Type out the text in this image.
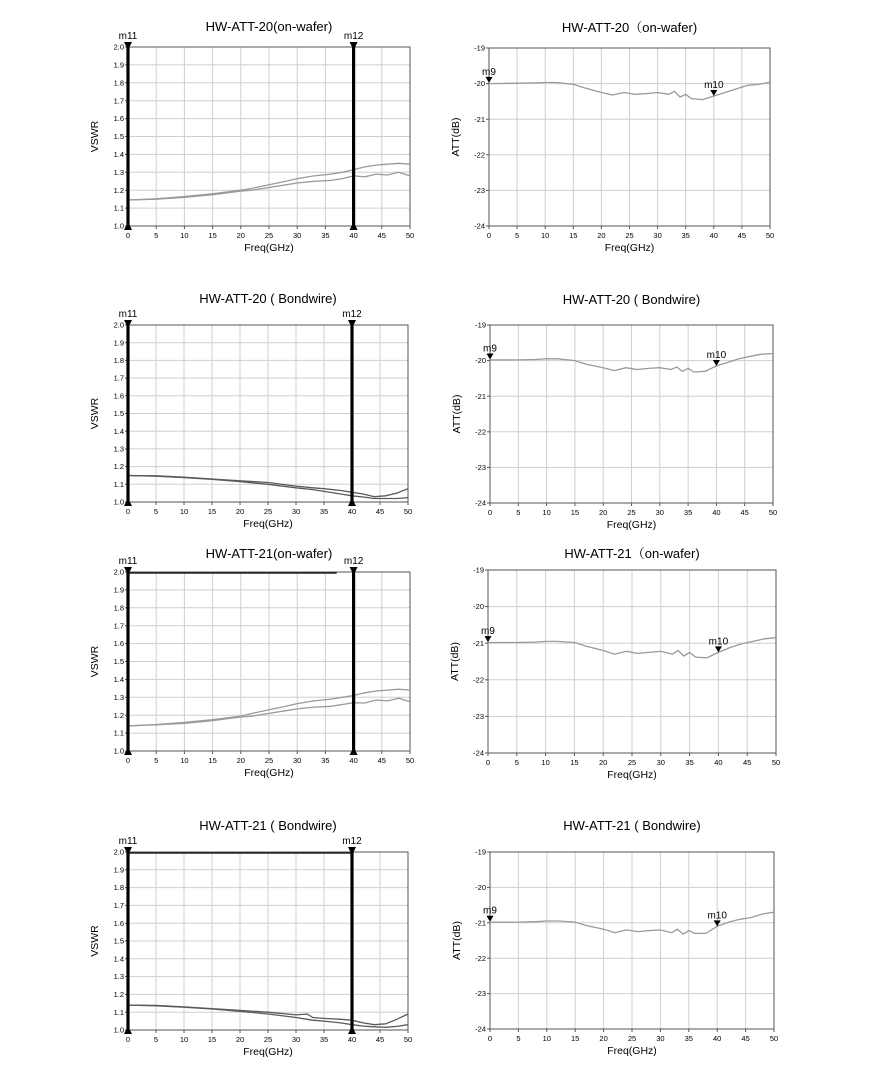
0	5	10	15	20	25	30	35	40	45	50
1.0
1.1
1.2
1.3
1.4
1.5
1.6
1.7
1.8
1.9
2.0
HW-ATT-20(on-wafer)
Freq(GHz)
VSWR
m11	m12
0	5	10	15	20	25	30	35	40	45	50
-24
-23
-22
-21
-20
-19
HW-ATT-20（on-wafer)
Freq(GHz)
ATT(dB)
m9
m10
0	5	10	15	20	25	30	35	40	45	50
1.0
1.1
1.2
1.3
1.4
1.5
1.6
1.7
1.8
1.9
2.0
HW-ATT-20 ( Bondwire)
Freq(GHz)
VSWR
m11	m12
0	5	10	15	20	25	30	35	40	45	50
-24
-23
-22
-21
-20
-19
HW-ATT-20 ( Bondwire)
Freq(GHz)
ATT(dB)
m9
m10
0	5	10	15	20	25	30	35	40	45	50
1.0
1.1
1.2
1.3
1.4
1.5
1.6
1.7
1.8
1.9
2.0
HW-ATT-21(on-wafer)
Freq(GHz)
VSWR
m11	m12
0	5	10	15	20	25	30	35	40	45	50
-24
-23
-22
-21
-20
-19
HW-ATT-21（on-wafer)
Freq(GHz)
ATT(dB)
m9
m10
0	5	10	15	20	25	30	35	40	45	50
1.0
1.1
1.2
1.3
1.4
1.5
1.6
1.7
1.8
1.9
2.0
HW-ATT-21 ( Bondwire)
Freq(GHz)
VSWR
m11	m12
0	5	10	15	20	25	30	35	40	45	50
-24
-23
-22
-21
-20
-19
HW-ATT-21 ( Bondwire)
Freq(GHz)
ATT(dB)
m9	m10
